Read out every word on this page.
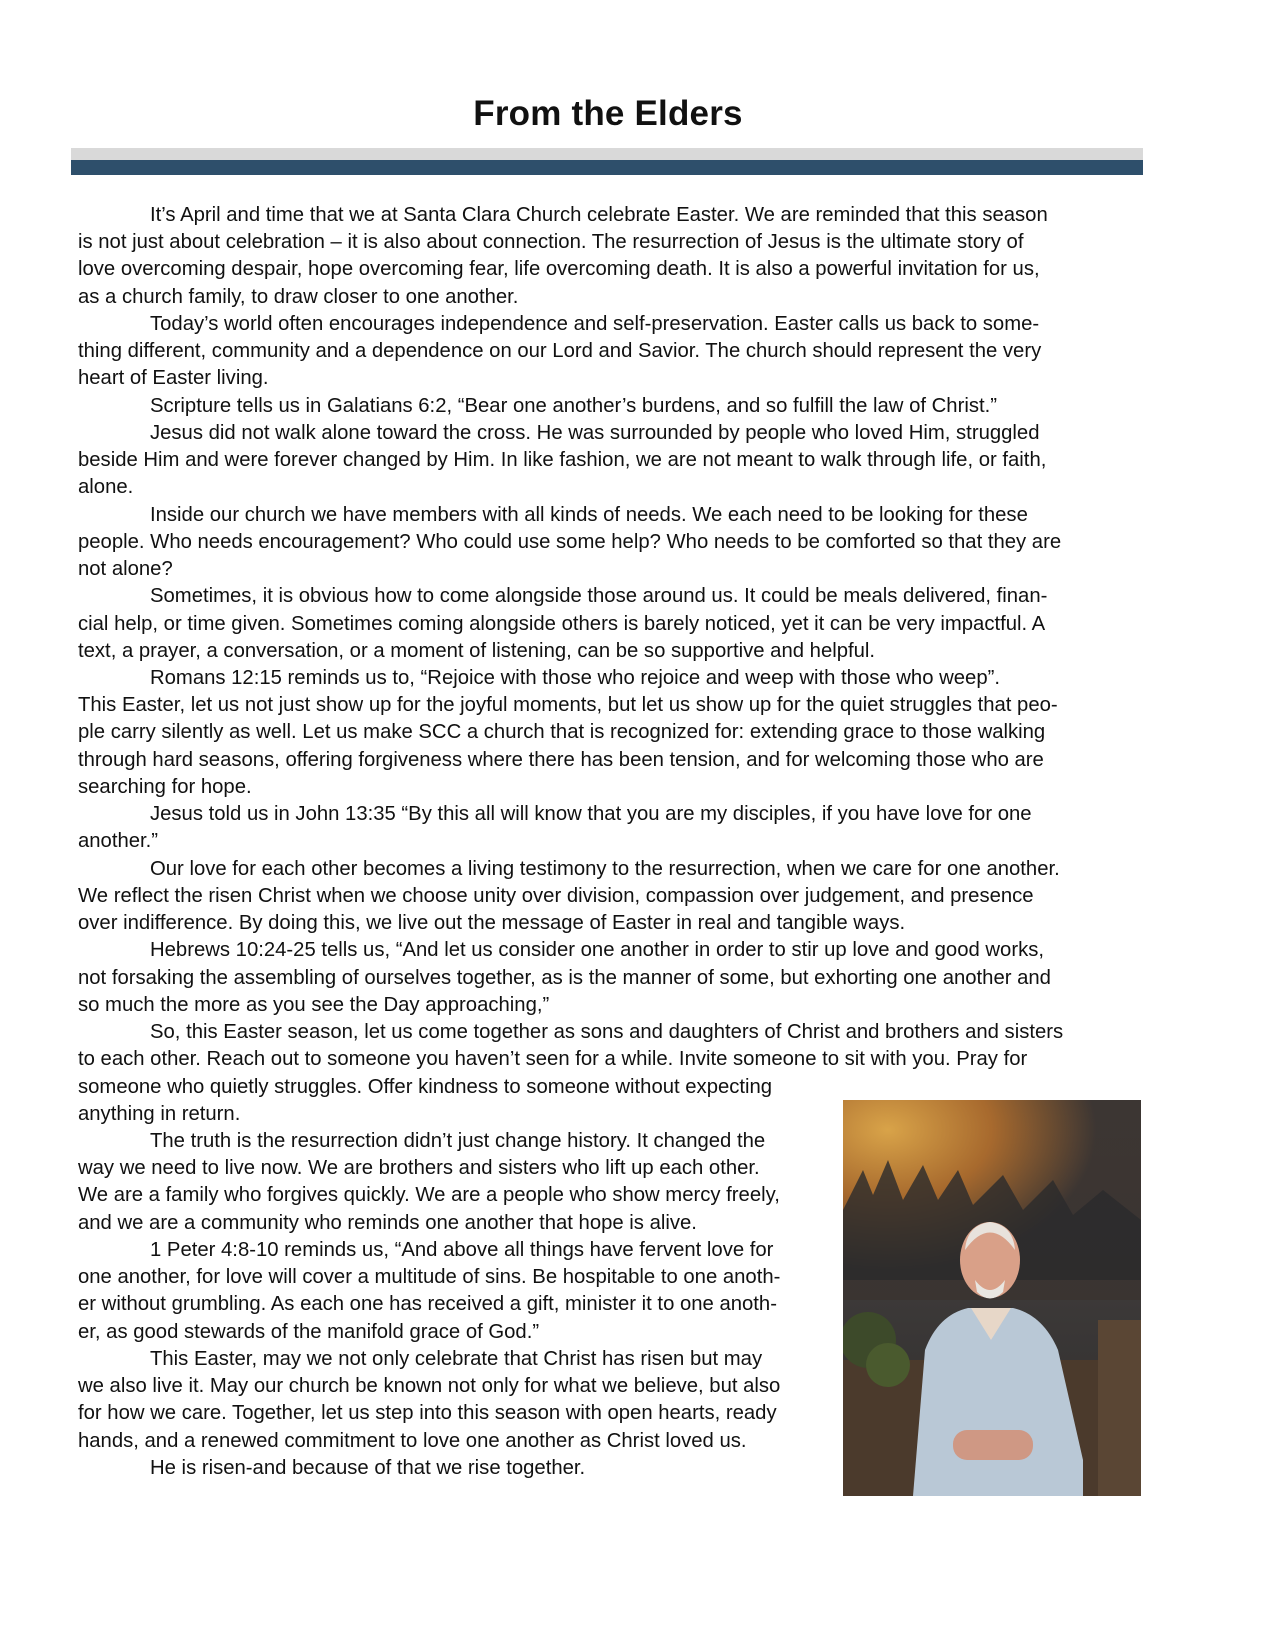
From the Elders
It’s April and time that we at Santa Clara Church celebrate Easter. We are reminded that this season
is not just about celebration – it is also about connection. The resurrection of Jesus is the ultimate story of
love overcoming despair, hope overcoming fear, life overcoming death. It is also a powerful invitation for us,
as a church family, to draw closer to one another.
Today’s world often encourages independence and self-preservation. Easter calls us back to some-
thing different, community and a dependence on our Lord and Savior. The church should represent the very
heart of Easter living.
Scripture tells us in Galatians 6:2, “Bear one another’s burdens, and so fulfill the law of Christ.”
Jesus did not walk alone toward the cross. He was surrounded by people who loved Him, struggled
beside Him and were forever changed by Him. In like fashion, we are not meant to walk through life, or faith,
alone.
Inside our church we have members with all kinds of needs. We each need to be looking for these
people. Who needs encouragement? Who could use some help? Who needs to be comforted so that they are
not alone?
Sometimes, it is obvious how to come alongside those around us. It could be meals delivered, finan-
cial help, or time given. Sometimes coming alongside others is barely noticed, yet it can be very impactful. A
text, a prayer, a conversation, or a moment of listening, can be so supportive and helpful.
Romans 12:15 reminds us to, “Rejoice with those who rejoice and weep with those who weep”.
This Easter, let us not just show up for the joyful moments, but let us show up for the quiet struggles that peo-
ple carry silently as well. Let us make SCC a church that is recognized for: extending grace to those walking
through hard seasons, offering forgiveness where there has been tension, and for welcoming those who are
searching for hope.
Jesus told us in John 13:35 “By this all will know that you are my disciples, if you have love for one
another.”
Our love for each other becomes a living testimony to the resurrection, when we care for one another.
We reflect the risen Christ when we choose unity over division, compassion over judgement, and presence
over indifference. By doing this, we live out the message of Easter in real and tangible ways.
Hebrews 10:24-25 tells us, “And let us consider one another in order to stir up love and good works,
not forsaking the assembling of ourselves together, as is the manner of some, but exhorting one another and
so much the more as you see the Day approaching,”
So, this Easter season, let us come together as sons and daughters of Christ and brothers and sisters
to each other. Reach out to someone you haven’t seen for a while. Invite someone to sit with you. Pray for
someone who quietly struggles. Offer kindness to someone without expecting
anything in return.
The truth is the resurrection didn’t just change history. It changed the
way we need to live now. We are brothers and sisters who lift up each other.
We are a family who forgives quickly. We are a people who show mercy freely,
and we are a community who reminds one another that hope is alive.
1 Peter 4:8-10 reminds us, “And above all things have fervent love for
one another, for love will cover a multitude of sins. Be hospitable to one anoth-
er without grumbling. As each one has received a gift, minister it to one anoth-
er, as good stewards of the manifold grace of God.”
This Easter, may we not only celebrate that Christ has risen but may
we also live it. May our church be known not only for what we believe, but also
for how we care. Together, let us step into this season with open hearts, ready
hands, and a renewed commitment to love one another as Christ loved us.
He is risen-and because of that we rise together.
